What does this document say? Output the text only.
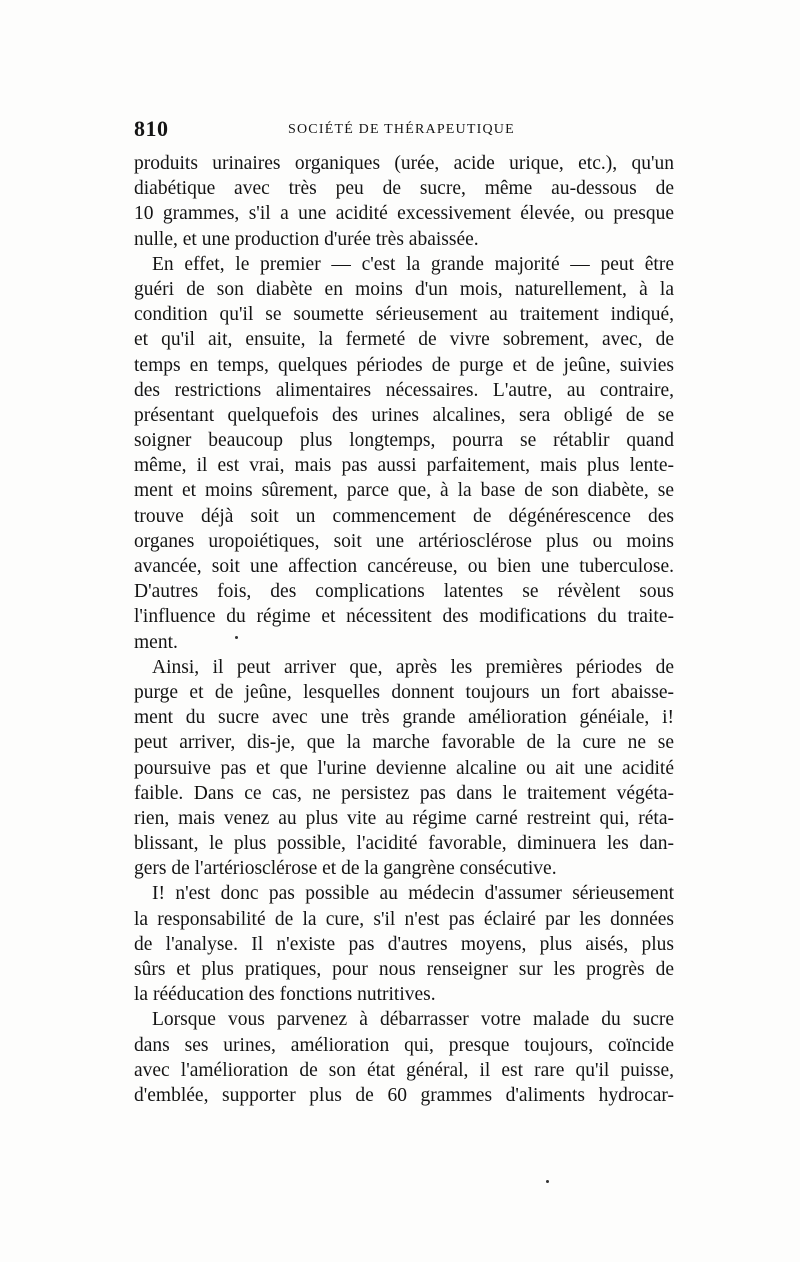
810	SOCIÉTÉ DE THÉRAPEUTIQUE
produits urinaires organiques (urée, acide urique, etc.), qu'un
diabétique avec très peu de sucre, même au-dessous de
10 grammes, s'il a une acidité excessivement élevée, ou presque
nulle, et une production d'urée très abaissée.
En effet, le premier — c'est la grande majorité — peut être
guéri de son diabète en moins d'un mois, naturellement, à la
condition qu'il se soumette sérieusement au traitement indiqué,
et qu'il ait, ensuite, la fermeté de vivre sobrement, avec, de
temps en temps, quelques périodes de purge et de jeûne, suivies
des restrictions alimentaires nécessaires. L'autre, au contraire,
présentant quelquefois des urines alcalines, sera obligé de se
soigner beaucoup plus longtemps, pourra se rétablir quand
même, il est vrai, mais pas aussi parfaitement, mais plus lente-
ment et moins sûrement, parce que, à la base de son diabète, se
trouve déjà soit un commencement de dégénérescence des
organes uropoiétiques, soit une artériosclérose plus ou moins
avancée, soit une affection cancéreuse, ou bien une tuberculose.
D'autres fois, des complications latentes se révèlent sous
l'influence du régime et nécessitent des modifications du traite-
ment.
Ainsi, il peut arriver que, après les premières périodes de
purge et de jeûne, lesquelles donnent toujours un fort abaisse-
ment du sucre avec une très grande amélioration généiale, i!
peut arriver, dis-je, que la marche favorable de la cure ne se
poursuive pas et que l'urine devienne alcaline ou ait une acidité
faible. Dans ce cas, ne persistez pas dans le traitement végéta-
rien, mais venez au plus vite au régime carné restreint qui, réta-
blissant, le plus possible, l'acidité favorable, diminuera les dan-
gers de l'artériosclérose et de la gangrène consécutive.
I! n'est donc pas possible au médecin d'assumer sérieusement
la responsabilité de la cure, s'il n'est pas éclairé par les données
de l'analyse. Il n'existe pas d'autres moyens, plus aisés, plus
sûrs et plus pratiques, pour nous renseigner sur les progrès de
la rééducation des fonctions nutritives.
Lorsque vous parvenez à débarrasser votre malade du sucre
dans ses urines, amélioration qui, presque toujours, coïncide
avec l'amélioration de son état général, il est rare qu'il puisse,
d'emblée, supporter plus de 60 grammes d'aliments hydrocar-
